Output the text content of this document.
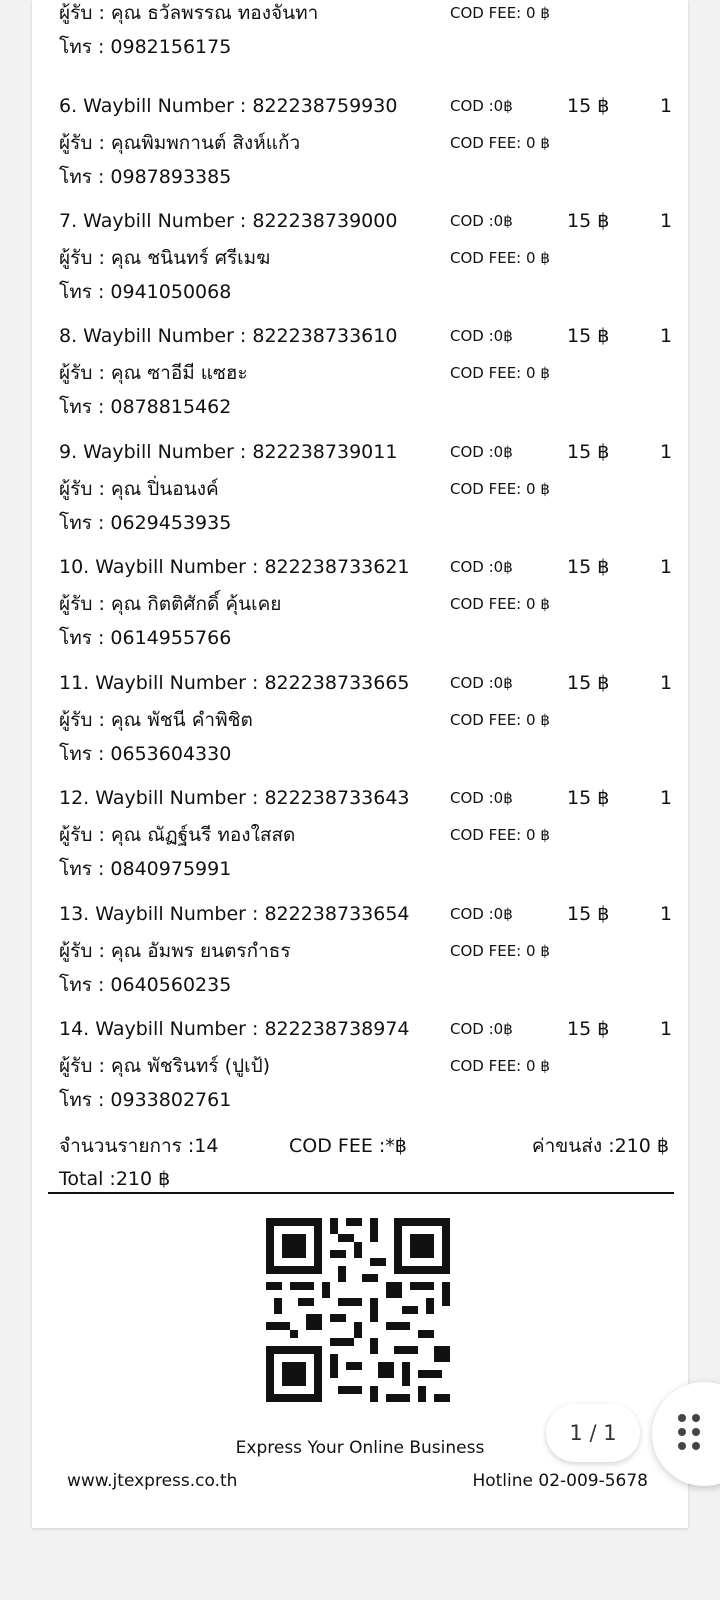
ผู้รับ : คุณ ธวัลพรรณ ทองจันทา	COD FEE: 0 ฿
โทร : 0982156175
6. Waybill Number : 822238759930	COD :0฿	15 ฿	1
ผู้รับ : คุณพิมพกานต์ สิงห์แก้ว	COD FEE: 0 ฿
โทร : 0987893385
7. Waybill Number : 822238739000	COD :0฿	15 ฿	1
ผู้รับ : คุณ ชนินทร์ ศรีเมฆ	COD FEE: 0 ฿
โทร : 0941050068
8. Waybill Number : 822238733610	COD :0฿	15 ฿	1
ผู้รับ : คุณ ซาอีมี แซฮะ	COD FEE: 0 ฿
โทร : 0878815462
9. Waybill Number : 822238739011	COD :0฿	15 ฿	1
ผู้รับ : คุณ ปิ่นอนงค์	COD FEE: 0 ฿
โทร : 0629453935
10. Waybill Number : 822238733621	COD :0฿	15 ฿	1
ผู้รับ : คุณ กิตติศักดิ์ คุ้นเคย	COD FEE: 0 ฿
โทร : 0614955766
11. Waybill Number : 822238733665	COD :0฿	15 ฿	1
ผู้รับ : คุณ พัชนี คำพิชิต	COD FEE: 0 ฿
โทร : 0653604330
12. Waybill Number : 822238733643	COD :0฿	15 ฿	1
ผู้รับ : คุณ ณัฏฐ์นรี ทองใสสด	COD FEE: 0 ฿
โทร : 0840975991
13. Waybill Number : 822238733654	COD :0฿	15 ฿	1
ผู้รับ : คุณ อัมพร ยนตรกำธร	COD FEE: 0 ฿
โทร : 0640560235
14. Waybill Number : 822238738974	COD :0฿	15 ฿	1
ผู้รับ : คุณ พัชรินทร์ (ปูเป้)	COD FEE: 0 ฿
โทร : 0933802761
จำนวนรายการ :14	COD FEE :*฿	ค่าขนส่ง :210 ฿
Total :210 ฿
Express Your Online Business
www.jtexpress.co.th	Hotline 02-009-5678
1 / 1
